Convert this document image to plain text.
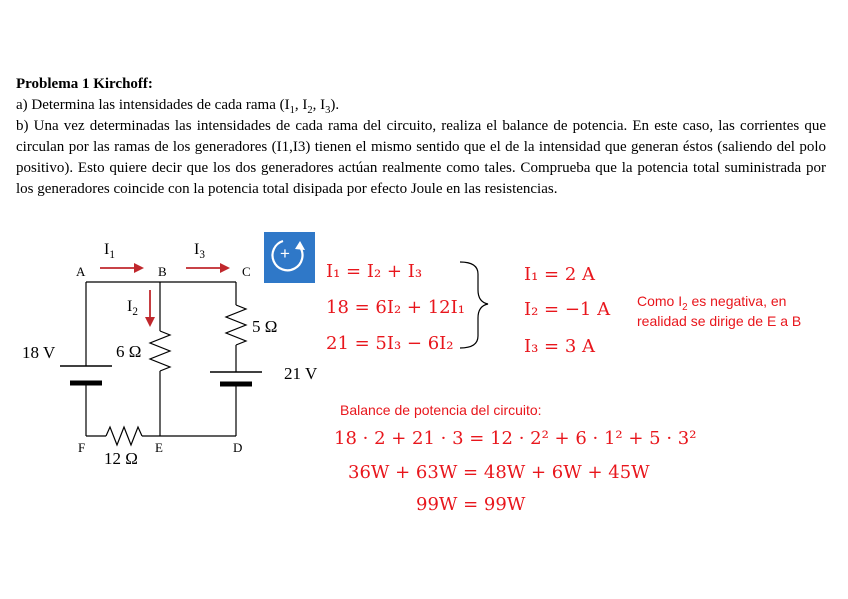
Problema 1 Kirchoff:

a) Determina las intensidades de cada rama ($I_1$, $I_2$, $I_3$).

b) Una vez determinadas las intensidades de cada rama del circuito, realiza el balance de potencia. En este caso, las corrientes que circulan por las ramas de los generadores (I1,I3) tienen el mismo sentido que el de la intensidad que generan éstos (saliendo del polo positivo). Esto quiere decir que los dos generadores actúan realmente como tales. Comprueba que la potencia total suministrada por los generadores coincide con la potencia total disipada por efecto Joule en las resistencias.

A	B	C
D
E
F
$I_1$	$I_3$
$I_2$
18 V
21 V
6 Ω
5 Ω
12 Ω
+
I₁ = I₂ + I₃
18 = 6I₂ + 12I₁
21 = 5I₃ − 6I₂
I₁ = 2 A
I₂ = −1 A
I₃ = 3 A
Como $I_2$ es negativa, en
realidad se dirige de E a B
Balance de potencia del circuito:
18 · 2 + 21 · 3 = 12 · 2² + 6 · 1² + 5 · 3²
36W + 63W = 48W + 6W + 45W
99W = 99W
